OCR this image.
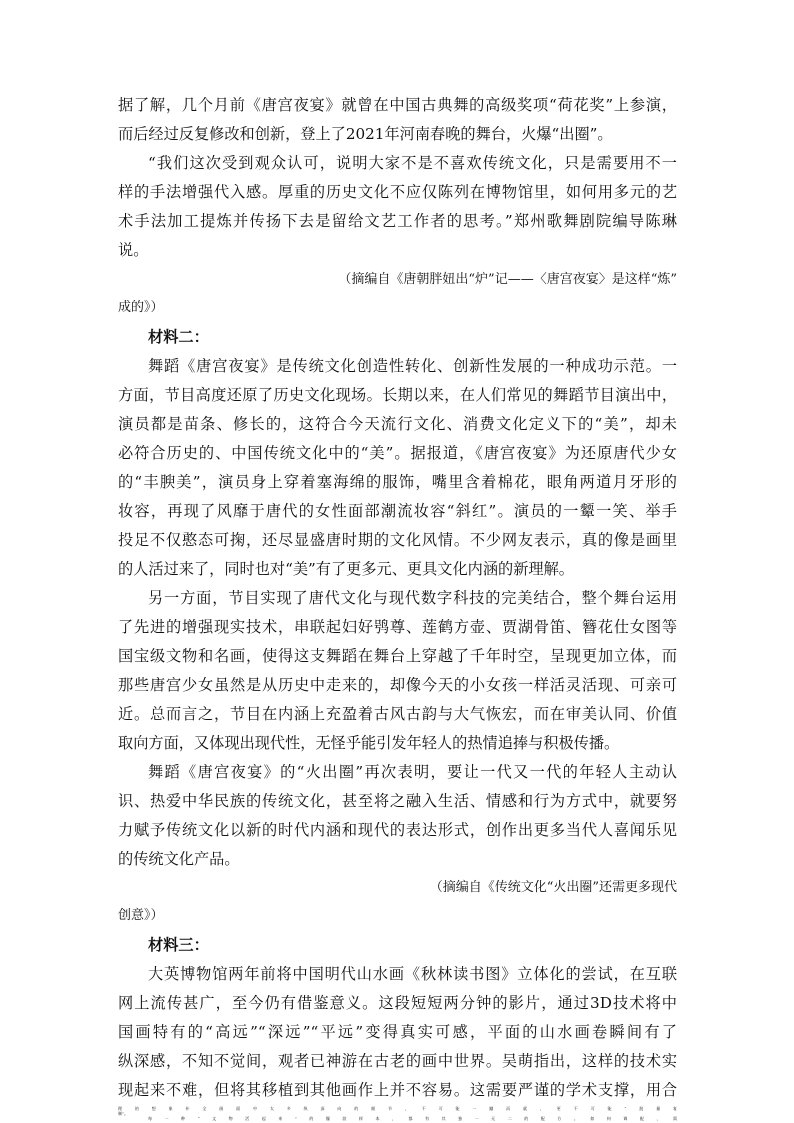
据了解，几个月前《唐宫夜宴》就曾在中国古典舞的高级奖项“荷花奖”上参演，
而后经过反复修改和创新，登上了2021年河南春晚的舞台，火爆“出圈”。
“我们这次受到观众认可，说明大家不是不喜欢传统文化，只是需要用不一
样的手法增强代入感。厚重的历史文化不应仅陈列在博物馆里，如何用多元的艺
术手法加工提炼并传扬下去是留给文艺工作者的思考。”郑州歌舞剧院编导陈琳
说。
（摘编自《唐朝胖妞出“炉”记——〈唐宫夜宴〉是这样“炼”
成的》）
材料二：
舞蹈《唐宫夜宴》是传统文化创造性转化、创新性发展的一种成功示范。一
方面，节目高度还原了历史文化现场。长期以来，在人们常见的舞蹈节目演出中，
演员都是苗条、修长的，这符合今天流行文化、消费文化定义下的“美”，却未
必符合历史的、中国传统文化中的“美”。据报道，《唐宫夜宴》为还原唐代少女
的“丰腴美”，演员身上穿着塞海绵的服饰，嘴里含着棉花，眼角两道月牙形的
妆容，再现了风靡于唐代的女性面部潮流妆容“斜红”。演员的一颦一笑、举手
投足不仅憨态可掬，还尽显盛唐时期的文化风情。不少网友表示，真的像是画里
的人活过来了，同时也对“美”有了更多元、更具文化内涵的新理解。
另一方面，节目实现了唐代文化与现代数字科技的完美结合，整个舞台运用
了先进的增强现实技术，串联起妇好鸮尊、莲鹤方壶、贾湖骨笛、簪花仕女图等
国宝级文物和名画，使得这支舞蹈在舞台上穿越了千年时空，呈现更加立体，而
那些唐宫少女虽然是从历史中走来的，却像今天的小女孩一样活灵活现、可亲可
近。总而言之，节目在内涵上充盈着古风古韵与大气恢宏，而在审美认同、价值
取向方面，又体现出现代性，无怪乎能引发年轻人的热情追捧与积极传播。
舞蹈《唐宫夜宴》的“火出圈”再次表明，要让一代又一代的年轻人主动认
识、热爱中华民族的传统文化，甚至将之融入生活、情感和行为方式中，就要努
力赋予传统文化以新的时代内涵和现代的表达形式，创作出更多当代人喜闻乐见
的传统文化产品。
（摘编自《传统文化“火出圈”还需更多现代
创意》）
材料三：
大英博物馆两年前将中国明代山水画《秋林读书图》立体化的尝试，在互联
网上流传甚广，至今仍有借鉴意义。这段短短两分钟的影片，通过3D技术将中
国画特有的“高远”“深远”“平远”变得真实可感，平面的山水画卷瞬间有了
纵深感，不知不觉间，观者已神游在古老的画中世界。吴萌指出，这样的技术实
现起来不难，但将其移植到其他画作上并不容易。这需要严谨的学术支撑，用合
理的想象补全画面中太多纵深向的细节，不可能一蹴而就，更不可能“批量复
制”。
每一种“文物活起来”的爆款样本，都有其独一无二的配方。如何调配，需
